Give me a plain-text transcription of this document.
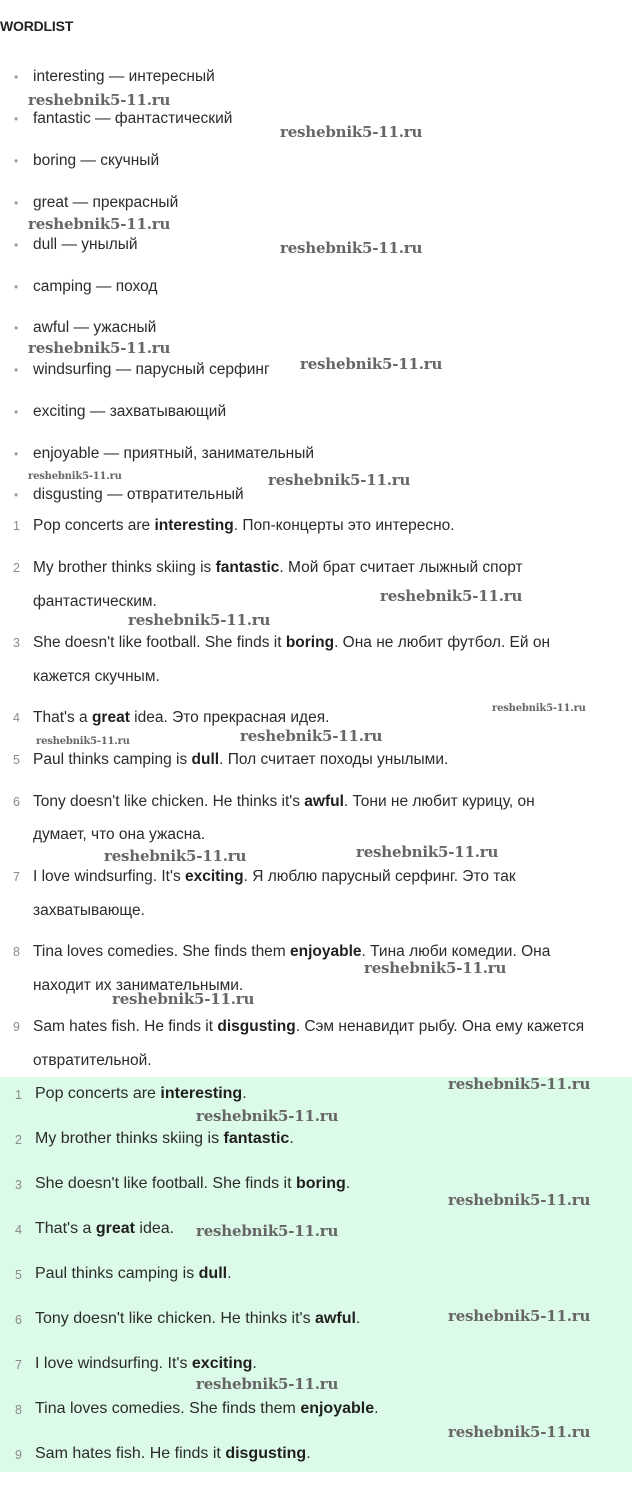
WORDLIST
• interesting — интересный
• fantastic — фантастический
• boring — скучный
• great — прекрасный
• dull — унылый
• camping — поход
• awful — ужасный
• windsurfing — парусный серфинг
• exciting — захватывающий
• enjoyable — приятный, занимательный
• disgusting — отвратительный
1 Pop concerts are interesting. Поп-концерты это интересно.
2 My brother thinks skiing is fantastic. Мой брат считает лыжный спорт
фантастическим.
3 She doesn't like football. She finds it boring. Она не любит футбол. Ей он
кажется скучным.
4 That's a great idea. Это прекрасная идея.
5 Paul thinks camping is dull. Пол считает походы унылыми.
6 Tony doesn't like chicken. He thinks it's awful. Тони не любит курицу, он
думает, что она ужасна.
7 I love windsurfing. It's exciting. Я люблю парусный серфинг. Это так
захватывающе.
8 Tina loves comedies. She finds them enjoyable. Тина люби комедии. Она
находит их занимательными.
9 Sam hates fish. He finds it disgusting. Сэм ненавидит рыбу. Она ему кажется
отвратительной.
1 Pop concerts are interesting.
2 My brother thinks skiing is fantastic.
3 She doesn't like football. She finds it boring.
4 That's a great idea.
5 Paul thinks camping is dull.
6 Tony doesn't like chicken. He thinks it's awful.
7 I love windsurfing. It's exciting.
8 Tina loves comedies. She finds them enjoyable.
9 Sam hates fish. He finds it disgusting.
reshebnik5-11.ru
reshebnik5-11.ru
reshebnik5-11.ru
reshebnik5-11.ru
reshebnik5-11.ru
reshebnik5-11.ru
reshebnik5-11.ru	reshebnik5-11.ru
reshebnik5-11.ru
reshebnik5-11.ru
reshebnik5-11.ru
reshebnik5-11.ru	reshebnik5-11.ru
reshebnik5-11.ru	reshebnik5-11.ru
reshebnik5-11.ru
reshebnik5-11.ru
reshebnik5-11.ru
reshebnik5-11.ru
reshebnik5-11.ru
reshebnik5-11.ru
reshebnik5-11.ru
reshebnik5-11.ru
reshebnik5-11.ru
